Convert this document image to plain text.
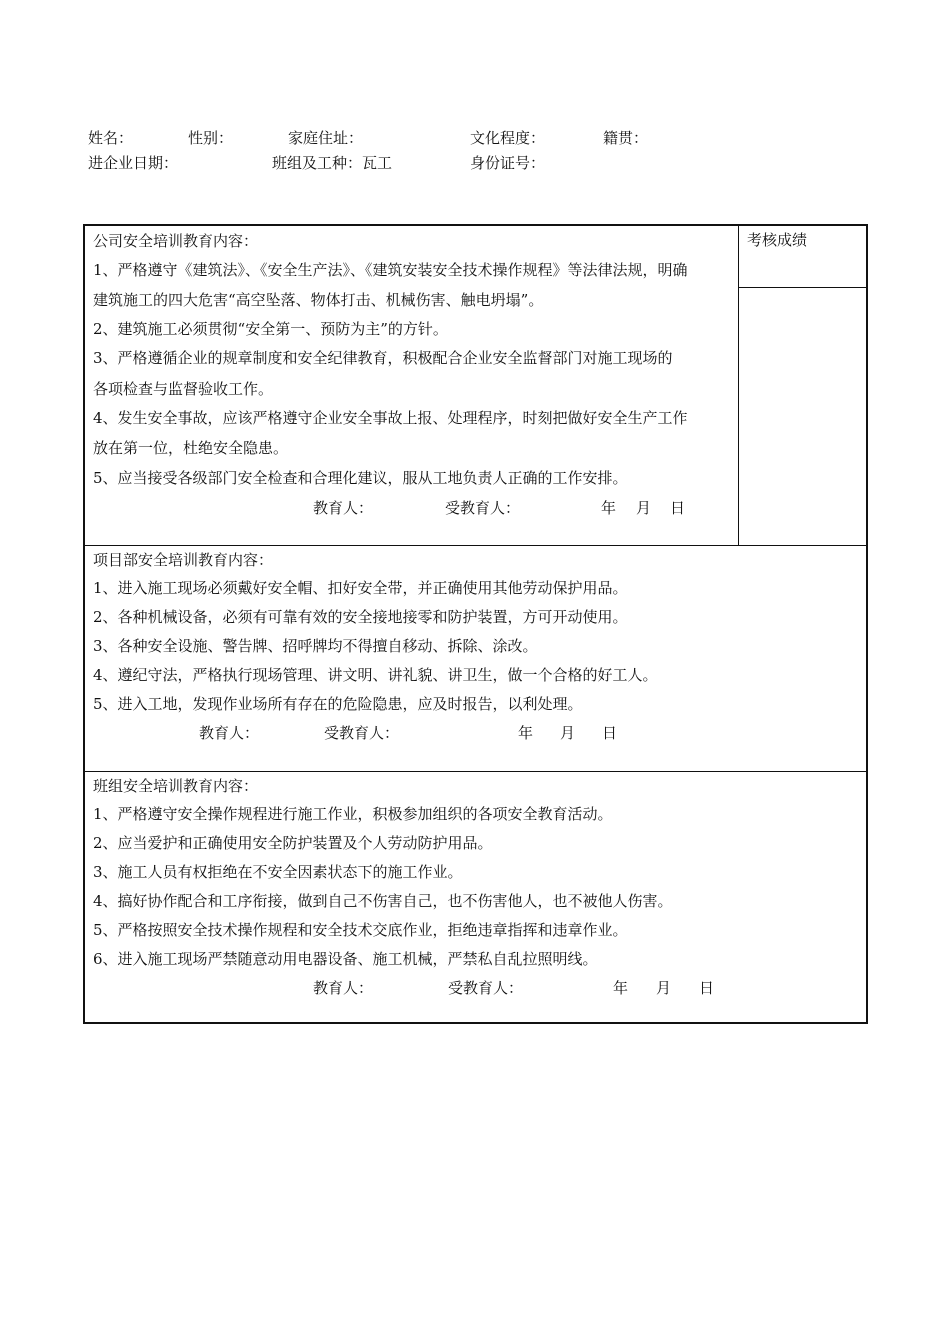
姓名：	性别：	家庭住址：	文化程度：	籍贯：
进企业日期：	班组及工种：瓦工	身份证号：
考核成绩
公司安全培训教育内容：
1、严格遵守《建筑法》、《安全生产法》、《建筑安装安全技术操作规程》等法律法规，明确
建筑施工的四大危害“高空坠落、物体打击、机械伤害、触电坍塌”。
2、建筑施工必须贯彻“安全第一、预防为主”的方针。
3、严格遵循企业的规章制度和安全纪律教育，积极配合企业安全监督部门对施工现场的
各项检查与监督验收工作。
4、发生安全事故，应该严格遵守企业安全事故上报、处理程序，时刻把做好安全生产工作
放在第一位，杜绝安全隐患。
5、应当接受各级部门安全检查和合理化建议，服从工地负责人正确的工作安排。
教育人：	受教育人：	年 月 日
项目部安全培训教育内容：
1、进入施工现场必须戴好安全帽、扣好安全带，并正确使用其他劳动保护用品。
2、各种机械设备，必须有可靠有效的安全接地接零和防护装置，方可开动使用。
3、各种安全设施、警告牌、招呼牌均不得擅自移动、拆除、涂改。
4、遵纪守法，严格执行现场管理、讲文明、讲礼貌、讲卫生，做一个合格的好工人。
5、进入工地，发现作业场所有存在的危险隐患，应及时报告，以利处理。
教育人：	受教育人：	年 月 日
班组安全培训教育内容：
1、严格遵守安全操作规程进行施工作业，积极参加组织的各项安全教育活动。
2、应当爱护和正确使用安全防护装置及个人劳动防护用品。
3、施工人员有权拒绝在不安全因素状态下的施工作业。
4、搞好协作配合和工序衔接，做到自己不伤害自己，也不伤害他人，也不被他人伤害。
5、严格按照安全技术操作规程和安全技术交底作业，拒绝违章指挥和违章作业。
6、进入施工现场严禁随意动用电器设备、施工机械，严禁私自乱拉照明线。
教育人：	受教育人：	年 月 日
